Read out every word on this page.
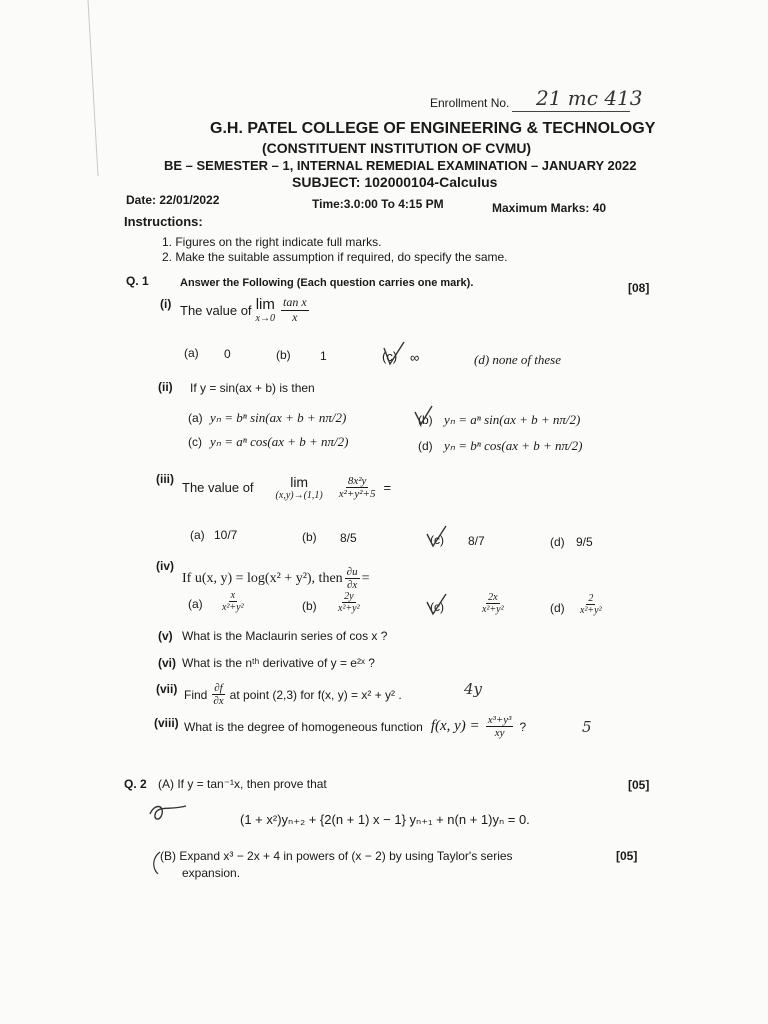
Enrollment No. 21 mc 413
G.H. PATEL COLLEGE OF ENGINEERING & TECHNOLOGY
(CONSTITUENT INSTITUTION OF CVMU)
BE – SEMESTER – 1, INTERNAL REMEDIAL EXAMINATION – JANUARY 2022
SUBJECT: 102000104-Calculus
Date: 22/01/2022	Time:3.0:00 To 4:15 PM	Maximum Marks: 40
Instructions:
1. Figures on the right indicate full marks.
2. Make the suitable assumption if required, do specify the same.
Q. 1	Answer the Following (Each question carries one mark).	[08]
(i) The value of lim
$x\to 0 \frac{\text{tan x}}{x}$
(a) 0	(b) 1	(c) ∞	(d) none of these
(ii) If y = sin(ax + b) is then
(a) yₙ = bⁿ sin(ax + b + nπ/2)	(b) yₙ = aⁿ sin(ax + b + nπ/2)
(c) yₙ = aⁿ cos(ax + b + nπ/2)	(d) yₙ = bⁿ cos(ax + b + nπ/2)
(iii)
The value of	lim
$(x,y)\to(1,1) \frac{\text{8x²y}}{\text{x²+y²+5}}$ =
(a) 10/7	(b) 8/5	(c) 8/7	(d) 9/5
(iv)
If u(x, y) = log(x² + y²), then $\frac{\partial u}{\partial x}$ =
$(a) \frac{x}{\text{x²+y²}}$	$(b) \frac{2y}{\text{x²+y²}}$	(c)	$\frac{2x}{\text{x²+y²}}$	$(d) \frac{2}{\text{x²+y²}}$
(v) What is the Maclaurin series of cos x ?
(vi) What is the nᵗʰ derivative of y = e²ˣ ?
(vii) Find $\frac{\partial f}{\partial x}$ at point (2,3) for f(x, y) = x² + y² .	4y
(viii) What is the degree of homogeneous function f(x, $y) = \frac{\text{x³+y³}}{xy}$ ?	5
Q. 2 (A) If y = tan⁻¹x, then prove that	[05]
(1 + x²)yₙ₊₂ + {2(n + 1) x − 1} yₙ₊₁ + n(n + 1)yₙ = 0.
(B) Expand x³ − 2x + 4 in powers of (x − 2) by using Taylor's series	[05]
expansion.
